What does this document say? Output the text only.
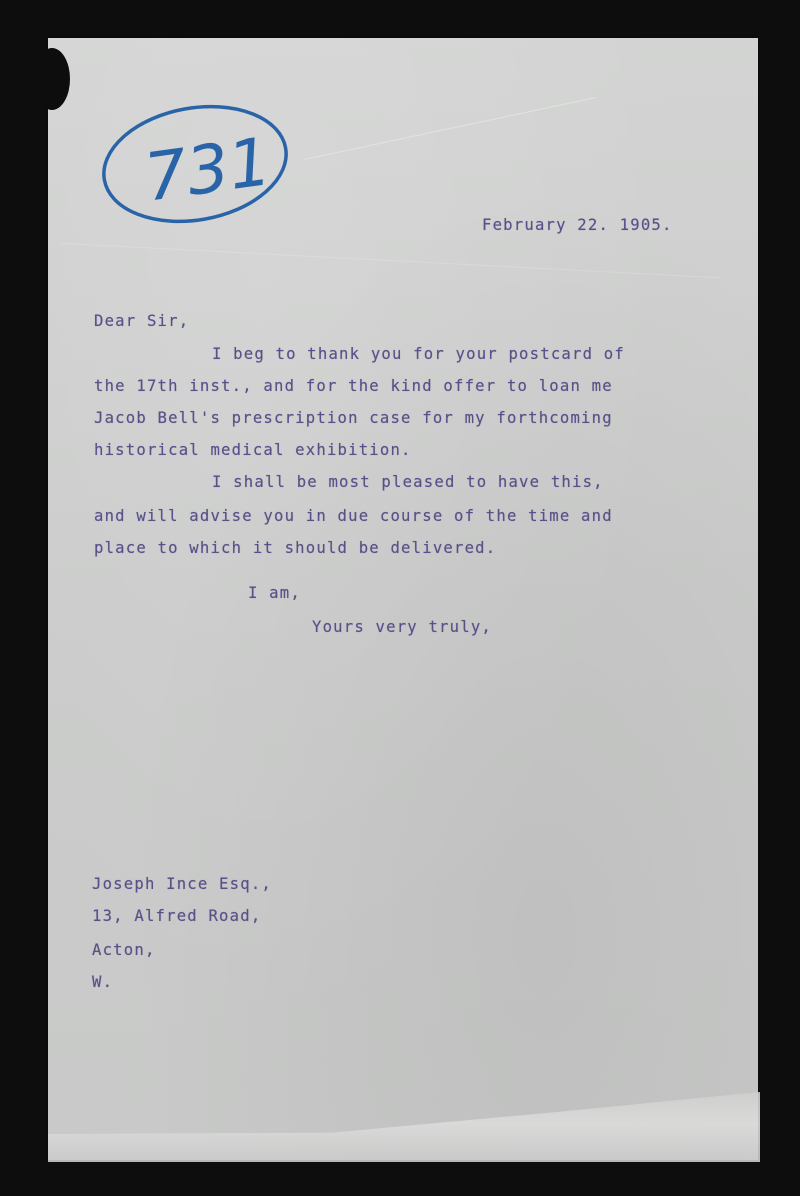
731

February 22. 1905.

Dear Sir,

I beg to thank you for your postcard of

the 17th inst., and for the kind offer to loan me

Jacob Bell's prescription case for my forthcoming

historical medical exhibition.

I shall be most pleased to have this,

and will advise you in due course of the time and

place to which it should be delivered.

I am,

Yours very truly,

Joseph Ince Esq.,

13, Alfred Road,

Acton,

W.
